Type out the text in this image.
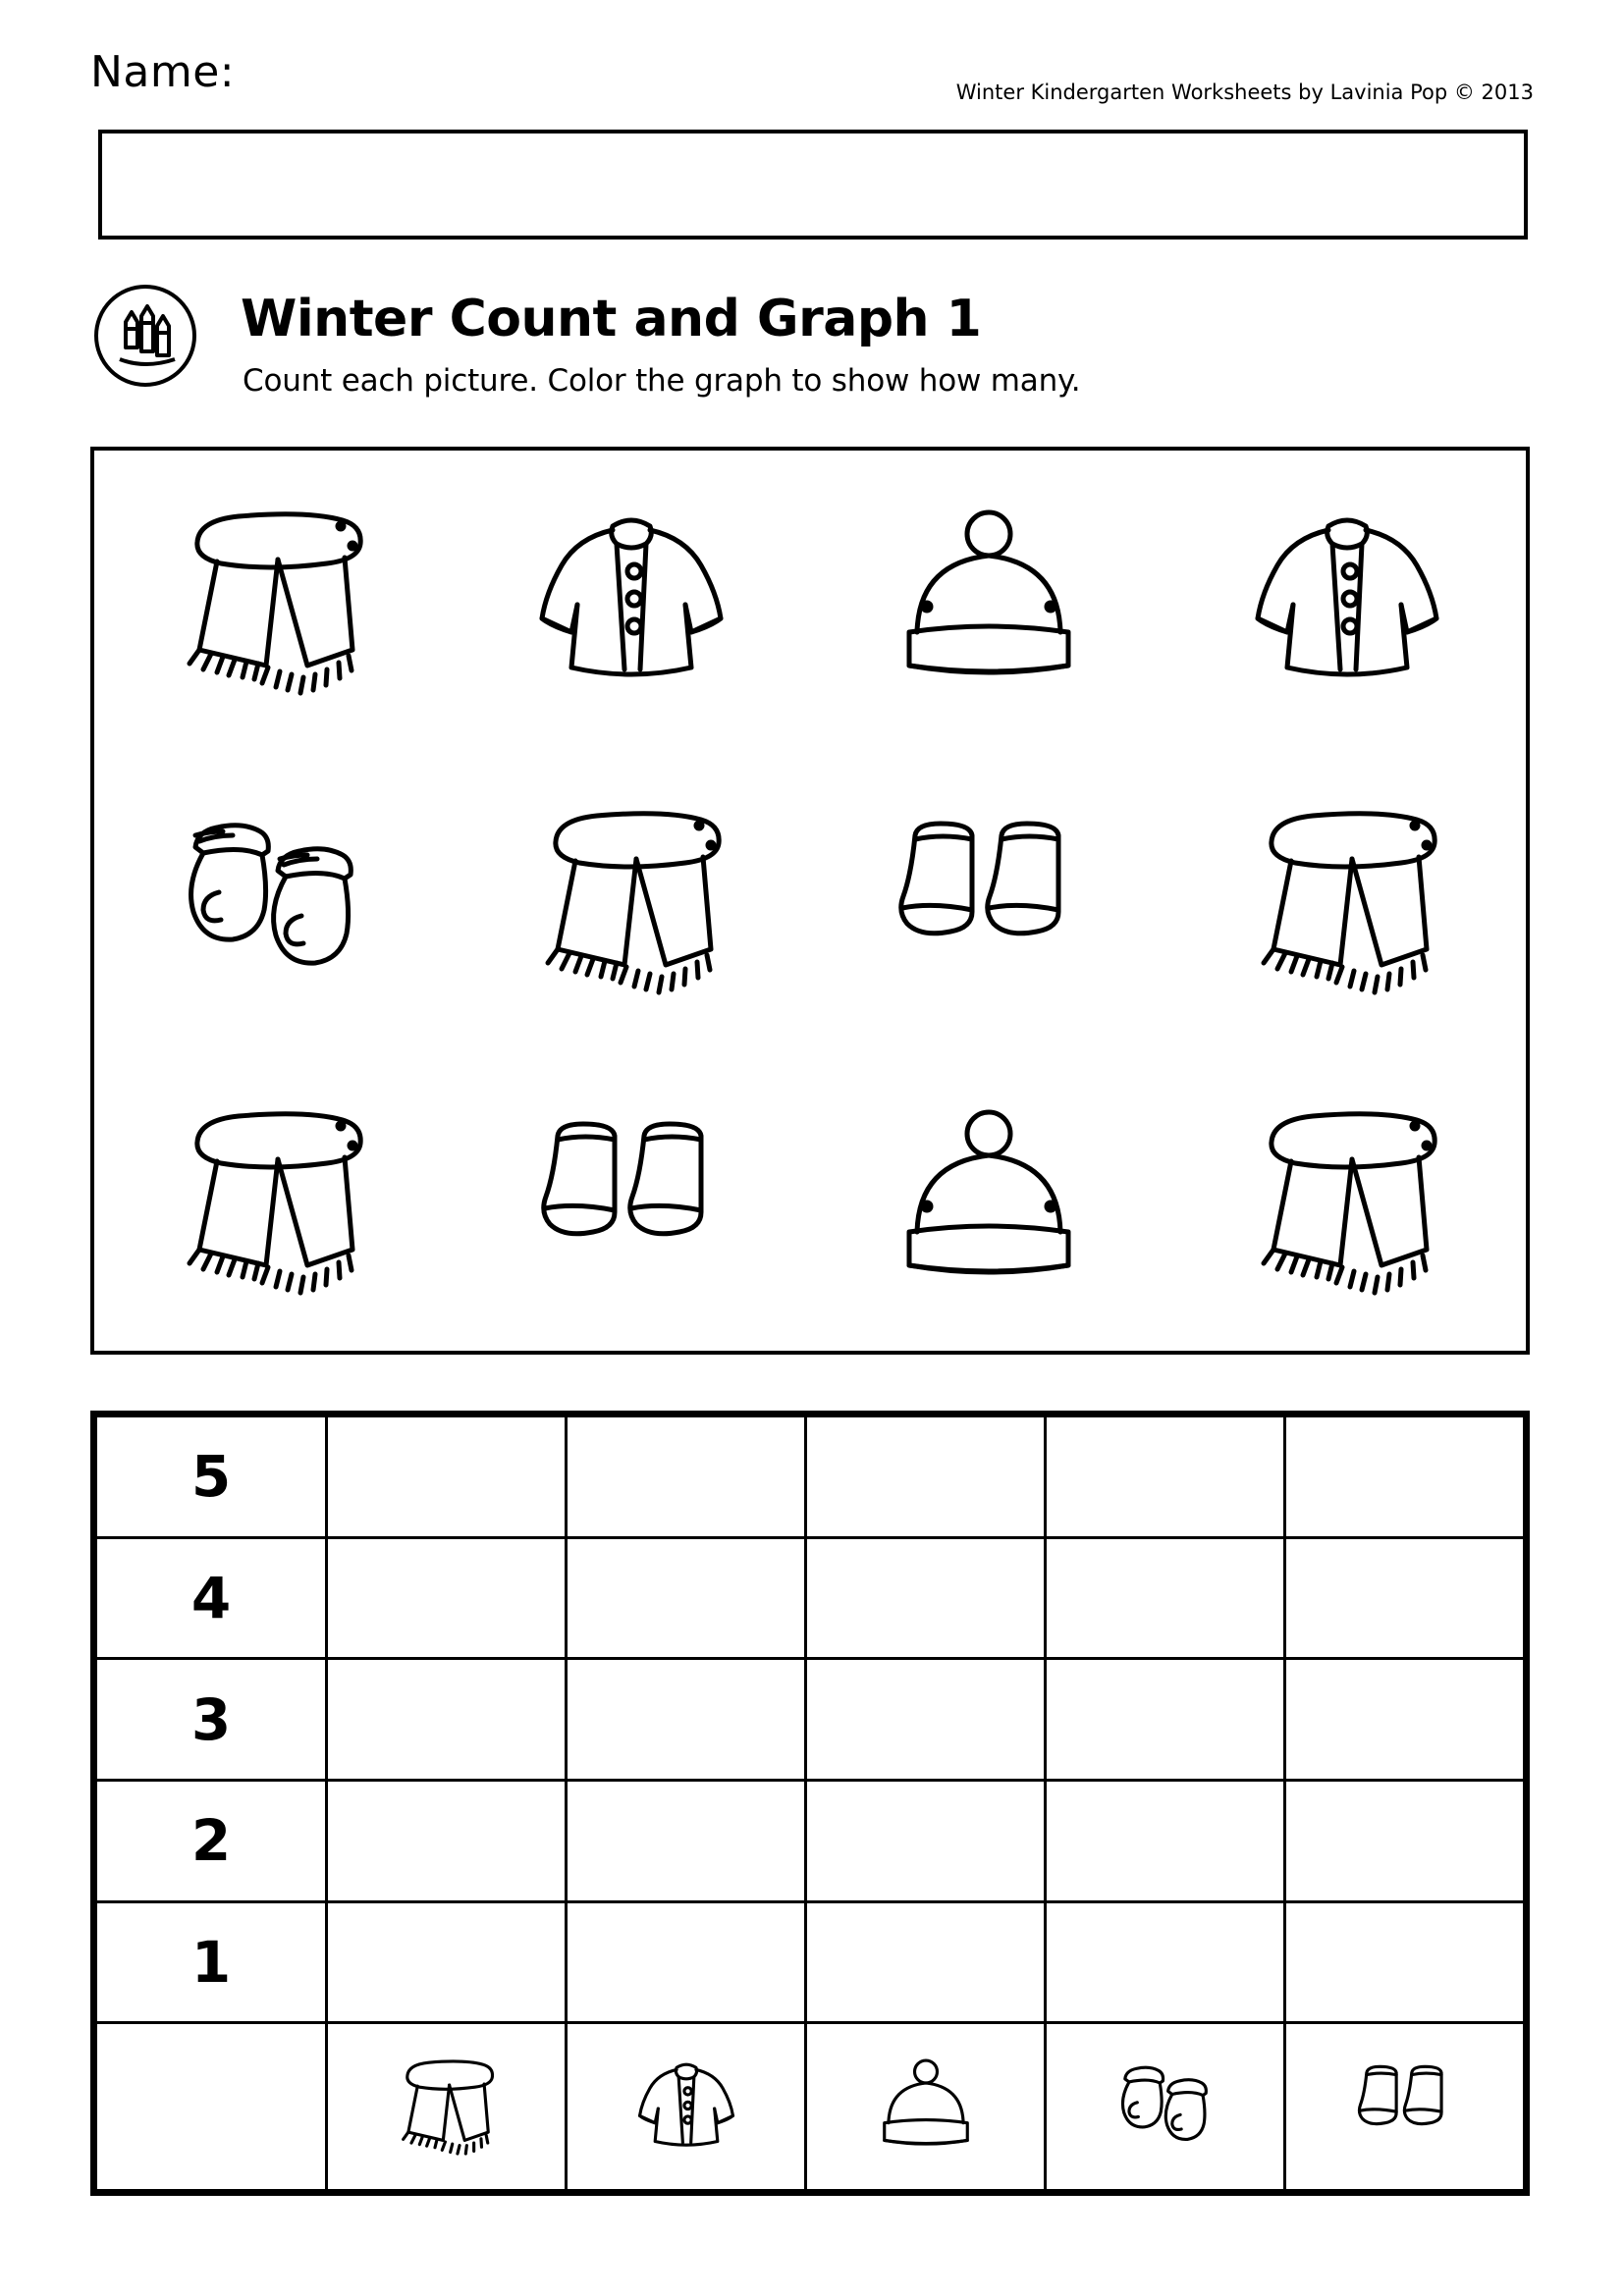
Name:	Winter Kindergarten Worksheets by Lavinia Pop © 2013
Winter Count and Graph 1
Count each picture. Color the graph to show how many.
5					
4					
3					
2					
1					
